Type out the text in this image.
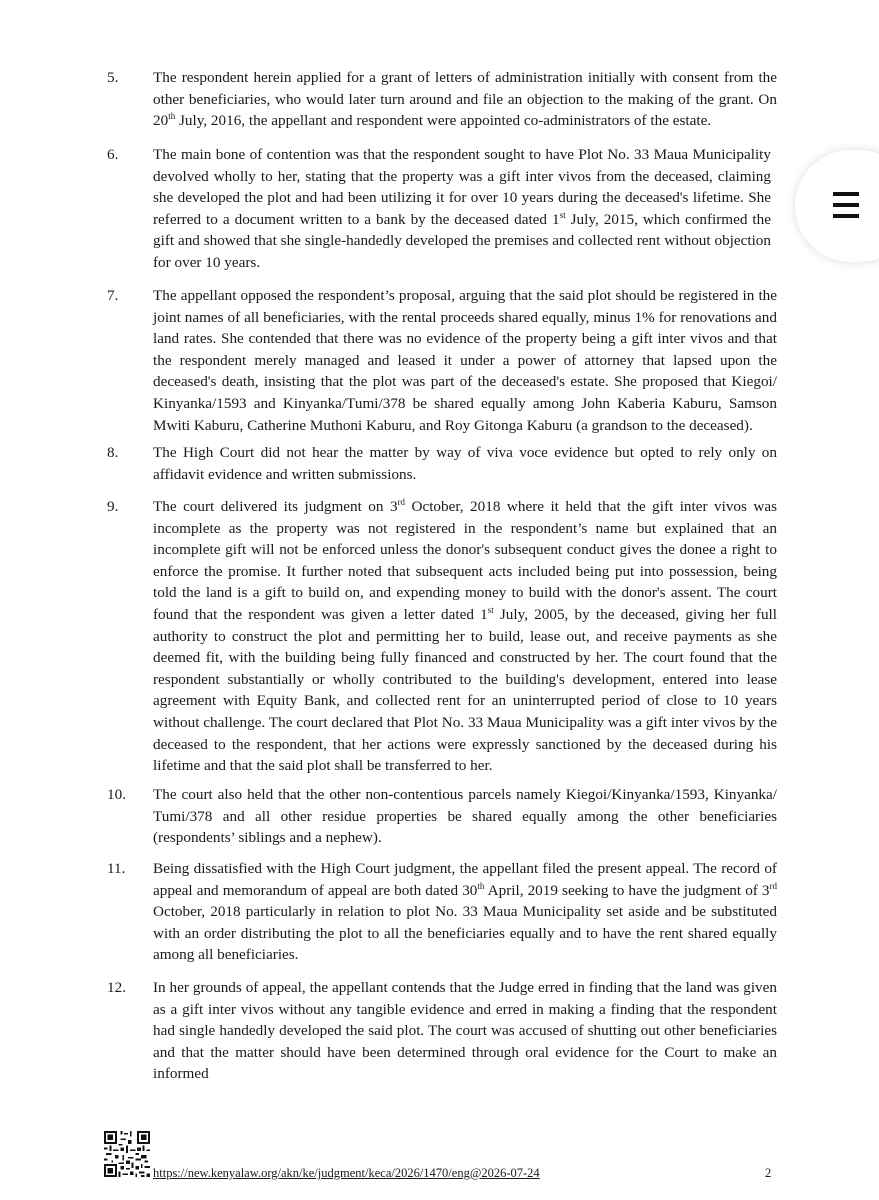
5. The respondent herein applied for a grant of letters of administration initially with consent from the other beneficiaries, who would later turn around and file an objection to the making of the grant. On 20th July, 2016, the appellant and respondent were appointed co-administrators of the estate.
6. The main bone of contention was that the respondent sought to have Plot No. 33 Maua Municipality devolved wholly to her, stating that the property was a gift inter vivos from the deceased, claiming she developed the plot and had been utilizing it for over 10 years during the deceased's lifetime. She referred to a document written to a bank by the deceased dated 1st July, 2015, which confirmed the gift and showed that she single-handedly developed the premises and collected rent without objection for over 10 years.
7. The appellant opposed the respondent’s proposal, arguing that the said plot should be registered in the joint names of all beneficiaries, with the rental proceeds shared equally, minus 1% for renovations and land rates. She contended that there was no evidence of the property being a gift inter vivos and that the respondent merely managed and leased it under a power of attorney that lapsed upon the deceased's death, insisting that the plot was part of the deceased's estate. She proposed that Kiegoi/ Kinyanka/1593 and Kinyanka/Tumi/378 be shared equally among John Kaberia Kaburu, Samson Mwiti Kaburu, Catherine Muthoni Kaburu, and Roy Gitonga Kaburu (a grandson to the deceased).
8. The High Court did not hear the matter by way of viva voce evidence but opted to rely only on affidavit evidence and written submissions.
9. The court delivered its judgment on 3rd October, 2018 where it held that the gift inter vivos was incomplete as the property was not registered in the respondent’s name but explained that an incomplete gift will not be enforced unless the donor's subsequent conduct gives the donee a right to enforce the promise. It further noted that subsequent acts included being put into possession, being told the land is a gift to build on, and expending money to build with the donor's assent. The court found that the respondent was given a letter dated 1st July, 2005, by the deceased, giving her full authority to construct the plot and permitting her to build, lease out, and receive payments as she deemed fit, with the building being fully financed and constructed by her. The court found that the respondent substantially or wholly contributed to the building's development, entered into lease agreement with Equity Bank, and collected rent for an uninterrupted period of close to 10 years without challenge. The court declared that Plot No. 33 Maua Municipality was a gift inter vivos by the deceased to the respondent, that her actions were expressly sanctioned by the deceased during his lifetime and that the said plot shall be transferred to her.
10. The court also held that the other non-contentious parcels namely Kiegoi/Kinyanka/1593, Kinyanka/ Tumi/378 and all other residue properties be shared equally among the other beneficiaries (respondents’ siblings and a nephew).
11. Being dissatisfied with the High Court judgment, the appellant filed the present appeal. The record of appeal and memorandum of appeal are both dated 30th April, 2019 seeking to have the judgment of 3rd October, 2018 particularly in relation to plot No. 33 Maua Municipality set aside and be substituted with an order distributing the plot to all the beneficiaries equally and to have the rent shared equally among all beneficiaries.
12. In her grounds of appeal, the appellant contends that the Judge erred in finding that the land was given as a gift inter vivos without any tangible evidence and erred in making a finding that the respondent had single handedly developed the said plot. The court was accused of shutting out other beneficiaries and that the matter should have been determined through oral evidence for the Court to make an informed
https://new.kenyalaw.org/akn/ke/judgment/keca/2026/1470/eng@2026-07-24	2
